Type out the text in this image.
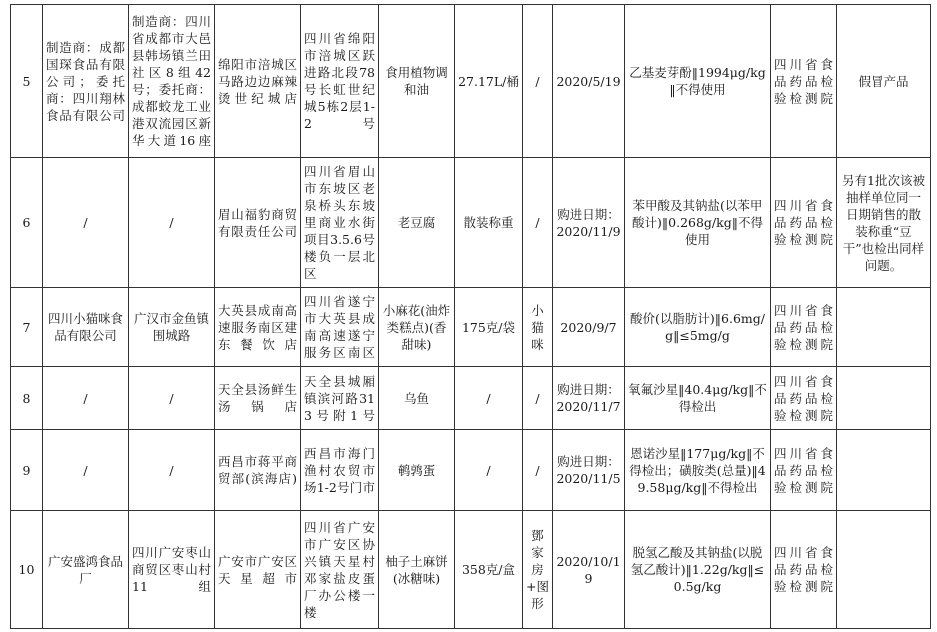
5	制造商：成都国琛食品有限公司；委托商：四川翔林食品有限公司	制造商：四川省成都市大邑县韩场镇兰田社区8组42号；委托商：成都蛟龙工业港双流园区新华大道16座	绵阳市涪城区马路边边麻辣烫世纪城店	四川省绵阳市涪城区跃进路北段78号长虹世纪城5栋2层1-2号	食用植物调和油	27.17L/桶	/	2020/5/19	乙基麦芽酚‖1994μg/kg‖不得使用	四川省食品药品检验检测院	假冒产品
6	/	/	眉山福豹商贸有限责任公司	四川省眉山市东坡区老泉桥头东坡里商业水街项目3.5.6号楼负一层北区	老豆腐	散装称重	/	购进日期：2020/11/9	苯甲酸及其钠盐(以苯甲酸计)‖0.268g/kg‖不得使用	四川省食品药品检验检测院	另有1批次该被抽样单位同一日期销售的散装称重“豆干”也检出同样问题。
7	四川小猫咪食品有限公司	广汉市金鱼镇围城路	大英县成南高速服务南区建东餐饮店	四川省遂宁市大英县成南高速遂宁服务区南区	小麻花(油炸类糕点)(香甜味)	175克/袋	小猫咪	2020/9/7	酸价(以脂肪计)‖6.6mg/g‖≤5mg/g	四川省食品药品检验检测院	
8	/	/	天全县汤鲜生汤锅店	天全县城厢镇滨河路313号附1号	乌鱼	/	/	购进日期：2020/11/7	氧氟沙星‖40.4μg/kg‖不得检出	四川省食品药品检验检测院	
9	/	/	西昌市蒋平商贸部(滨海店)	西昌市海门渔村农贸市场1-2号门市	鹌鹑蛋	/	/	购进日期：2020/11/5	恩诺沙星‖177μg/kg‖不得检出；磺胺类(总量)‖49.58μg/kg‖不得检出	四川省食品药品检验检测院	
10	广安盛鸿食品厂	四川广安枣山商贸区枣山村11组	广安市广安区天星超市	四川省广安市广安区协兴镇天星村邓家盐皮蛋厂办公楼一楼	柚子土麻饼(冰糖味)	358克/盒	鄧家房+图形	2020/10/19	脱氢乙酸及其钠盐(以脱氢乙酸计)‖1.22g/kg‖≤0.5g/kg	四川省食品药品检验检测院	
